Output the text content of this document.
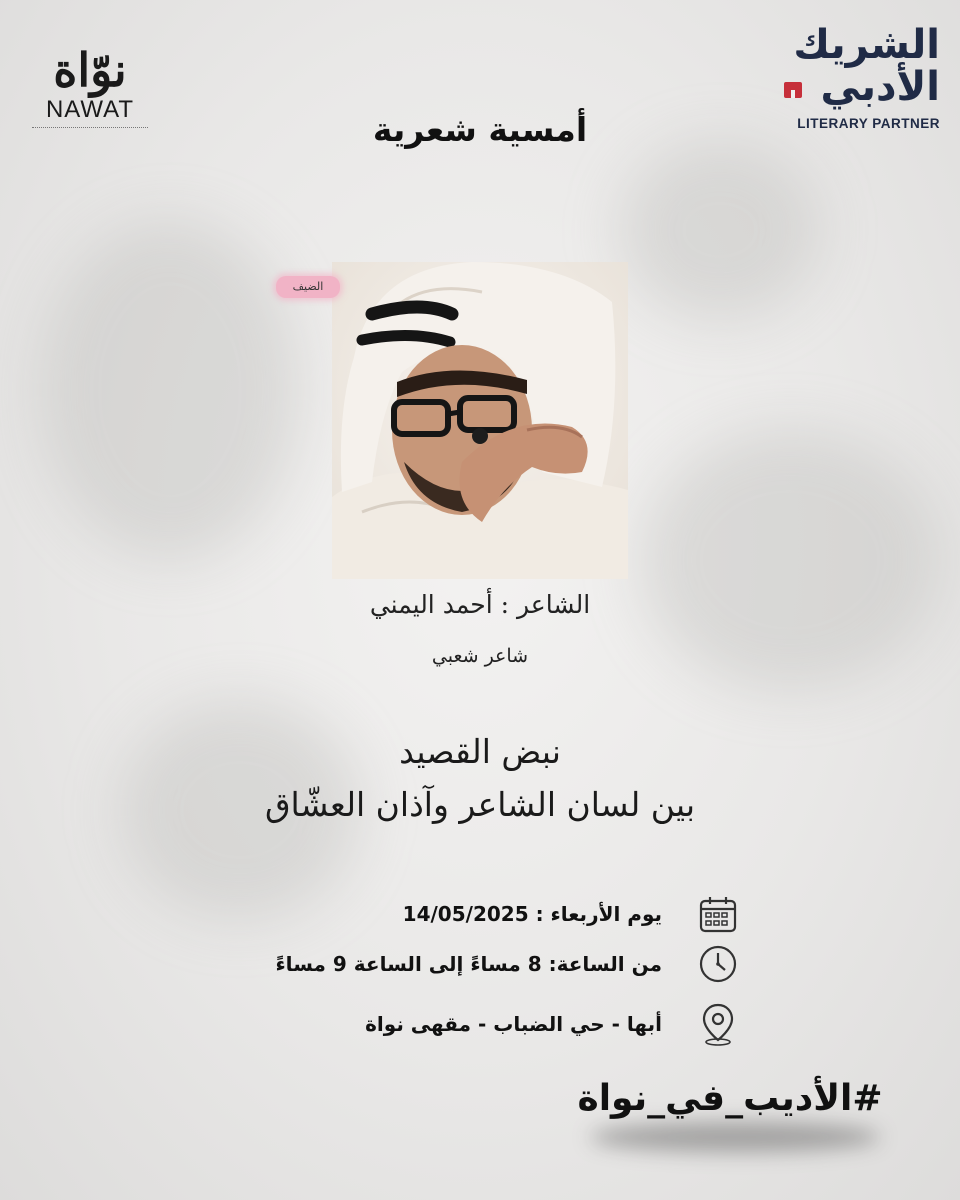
نوّاة
NAWAT
الشريك
الأدبي
LITERARY PARTNER
أمسية شعرية
الضيف
الشاعر : أحمد اليمني
شاعر شعبي
نبض القصيد
بين لسان الشاعر وآذان العشّاق
يوم الأربعاء : 14/05/2025
من الساعة: 8 مساءً إلى الساعة 9 مساءً
أبها - حي الضباب - مقهى نواة
#الأديب_في_نواة
